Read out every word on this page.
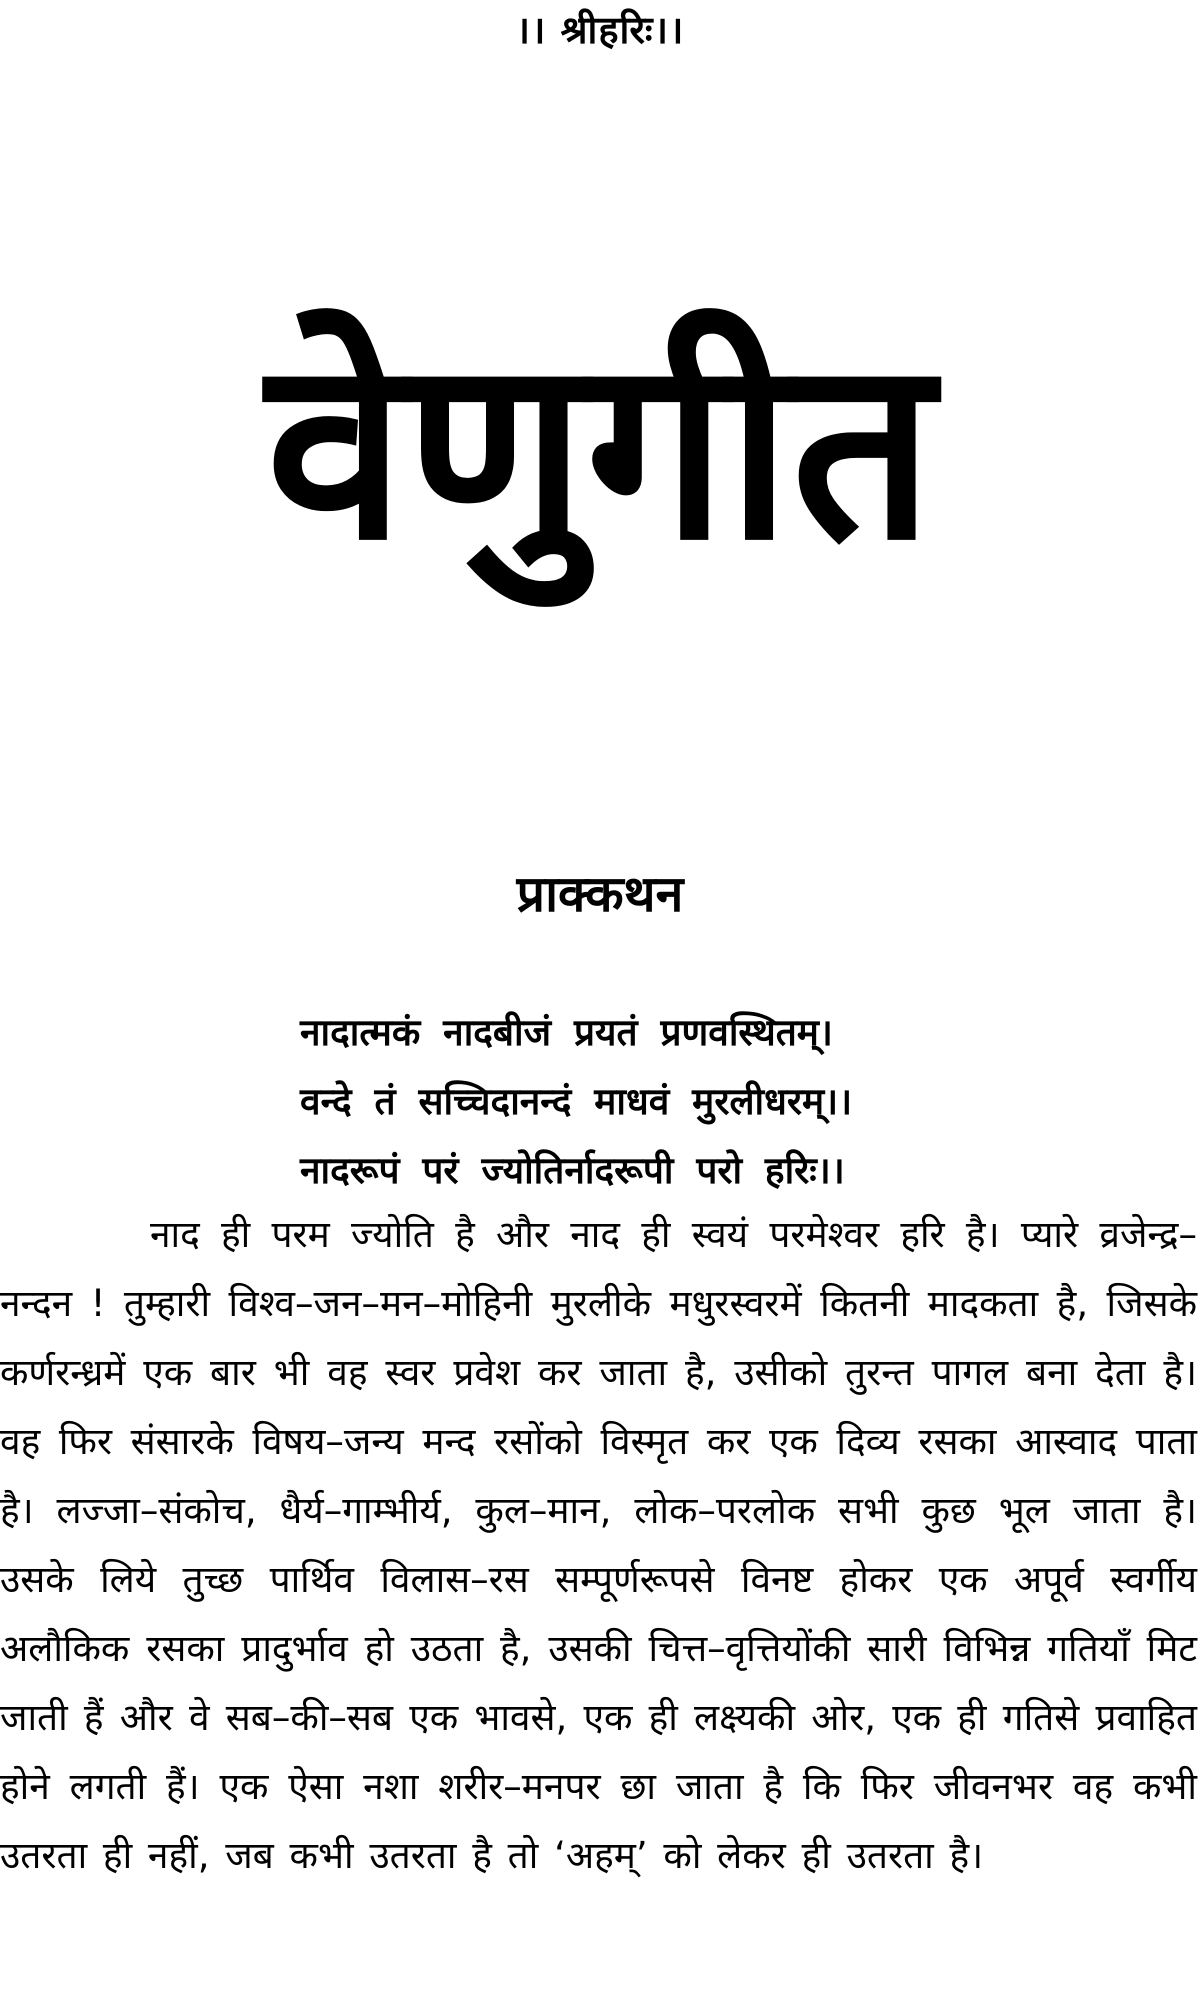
।। श्रीहरिः।।
वेणुगीत
प्राक्कथन
नादात्मकं नादबीजं प्रयतं प्रणवस्थितम्।
वन्दे तं सच्चिदानन्दं माधवं मुरलीधरम्।।
नादरूपं परं ज्योतिर्नादरूपी परो हरिः।।

नाद ही परम ज्योति है और नाद ही स्वयं परमेश्वर हरि है। प्यारे व्रजेन्द्र–नन्दन ! तुम्हारी विश्व–जन–मन–मोहिनी मुरलीके मधुरस्वरमें कितनी मादकता है, जिसके कर्णरन्ध्रमें एक बार भी वह स्वर प्रवेश कर जाता है, उसीको तुरन्त पागल बना देता है। वह फिर संसारके विषय–जन्य मन्द रसोंको विस्मृत कर एक दिव्य रसका आस्वाद पाता है। लज्जा–संकोच, धैर्य–गाम्भीर्य, कुल–मान, लोक–परलोक सभी कुछ भूल जाता है। उसके लिये तुच्छ पार्थिव विलास–रस सम्पूर्णरूपसे विनष्ट होकर एक अपूर्व स्वर्गीय अलौकिक रसका प्रादुर्भाव हो उठता है, उसकी चित्त–वृत्तियोंकी सारी विभिन्न गतियाँ मिट जाती हैं और वे सब–की–सब एक भावसे, एक ही लक्ष्यकी ओर, एक ही गतिसे प्रवाहित होने लगती हैं। एक ऐसा नशा शरीर–मनपर छा जाता है कि फिर जीवनभर वह कभी उतरता ही नहीं, जब कभी उतरता है तो ‘अहम्’ को लेकर ही उतरता है।
